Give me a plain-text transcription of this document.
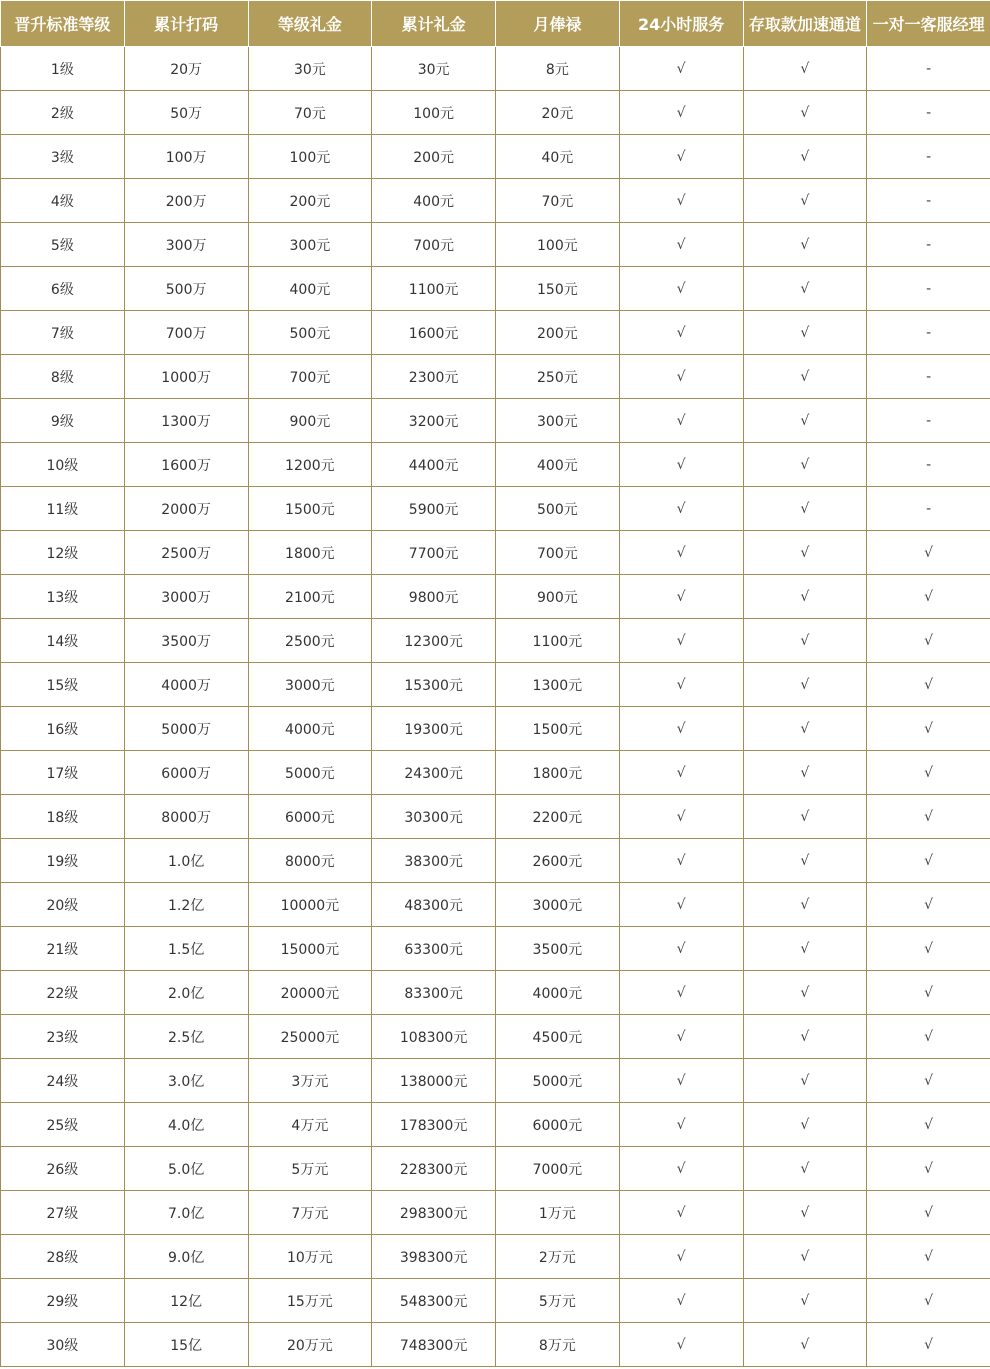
晋升标准等级	累计打码	等级礼金	累计礼金	月俸禄	24小时服务	存取款加速通道	一对一客服经理
1级	20万	30元	30元	8元	√	√	-
2级	50万	70元	100元	20元	√	√	-
3级	100万	100元	200元	40元	√	√	-
4级	200万	200元	400元	70元	√	√	-
5级	300万	300元	700元	100元	√	√	-
6级	500万	400元	1100元	150元	√	√	-
7级	700万	500元	1600元	200元	√	√	-
8级	1000万	700元	2300元	250元	√	√	-
9级	1300万	900元	3200元	300元	√	√	-
10级	1600万	1200元	4400元	400元	√	√	-
11级	2000万	1500元	5900元	500元	√	√	-
12级	2500万	1800元	7700元	700元	√	√	√
13级	3000万	2100元	9800元	900元	√	√	√
14级	3500万	2500元	12300元	1100元	√	√	√
15级	4000万	3000元	15300元	1300元	√	√	√
16级	5000万	4000元	19300元	1500元	√	√	√
17级	6000万	5000元	24300元	1800元	√	√	√
18级	8000万	6000元	30300元	2200元	√	√	√
19级	1.0亿	8000元	38300元	2600元	√	√	√
20级	1.2亿	10000元	48300元	3000元	√	√	√
21级	1.5亿	15000元	63300元	3500元	√	√	√
22级	2.0亿	20000元	83300元	4000元	√	√	√
23级	2.5亿	25000元	108300元	4500元	√	√	√
24级	3.0亿	3万元	138000元	5000元	√	√	√
25级	4.0亿	4万元	178300元	6000元	√	√	√
26级	5.0亿	5万元	228300元	7000元	√	√	√
27级	7.0亿	7万元	298300元	1万元	√	√	√
28级	9.0亿	10万元	398300元	2万元	√	√	√
29级	12亿	15万元	548300元	5万元	√	√	√
30级	15亿	20万元	748300元	8万元	√	√	√
